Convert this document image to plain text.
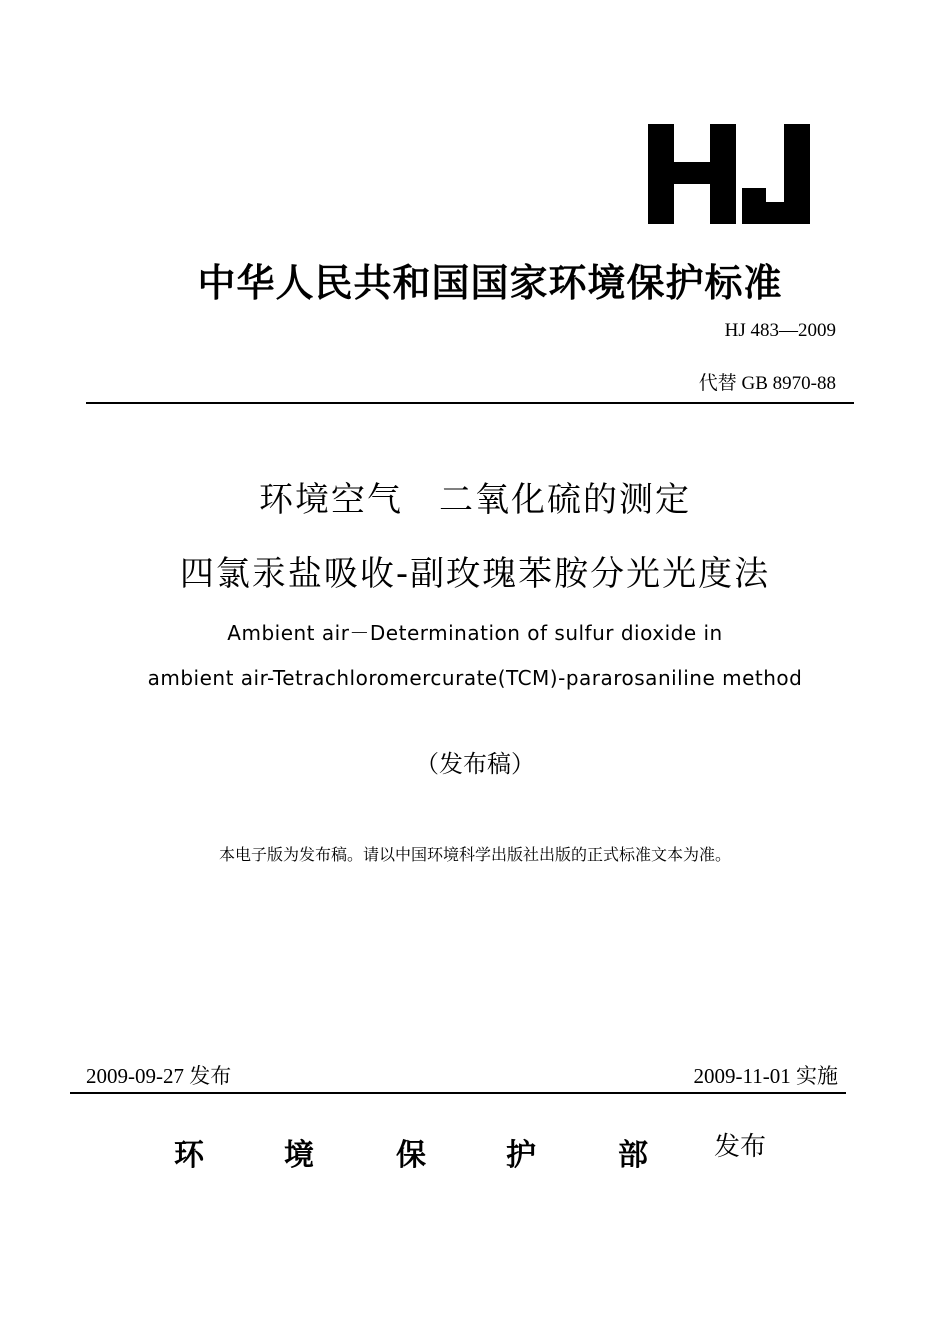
中华人民共和国国家环境保护标准
HJ 483—2009
代替 GB 8970-88
环境空气　二氧化硫的测定
四氯汞盐吸收-副玫瑰苯胺分光光度法
Ambient air－Determination of sulfur dioxide in
ambient air-Tetrachloromercurate(TCM)-pararosaniline method
（发布稿）
本电子版为发布稿。请以中国环境科学出版社出版的正式标准文本为准。
2009-09-27 发布	2009-11-01 实施
环	境	保	护	部	发布
